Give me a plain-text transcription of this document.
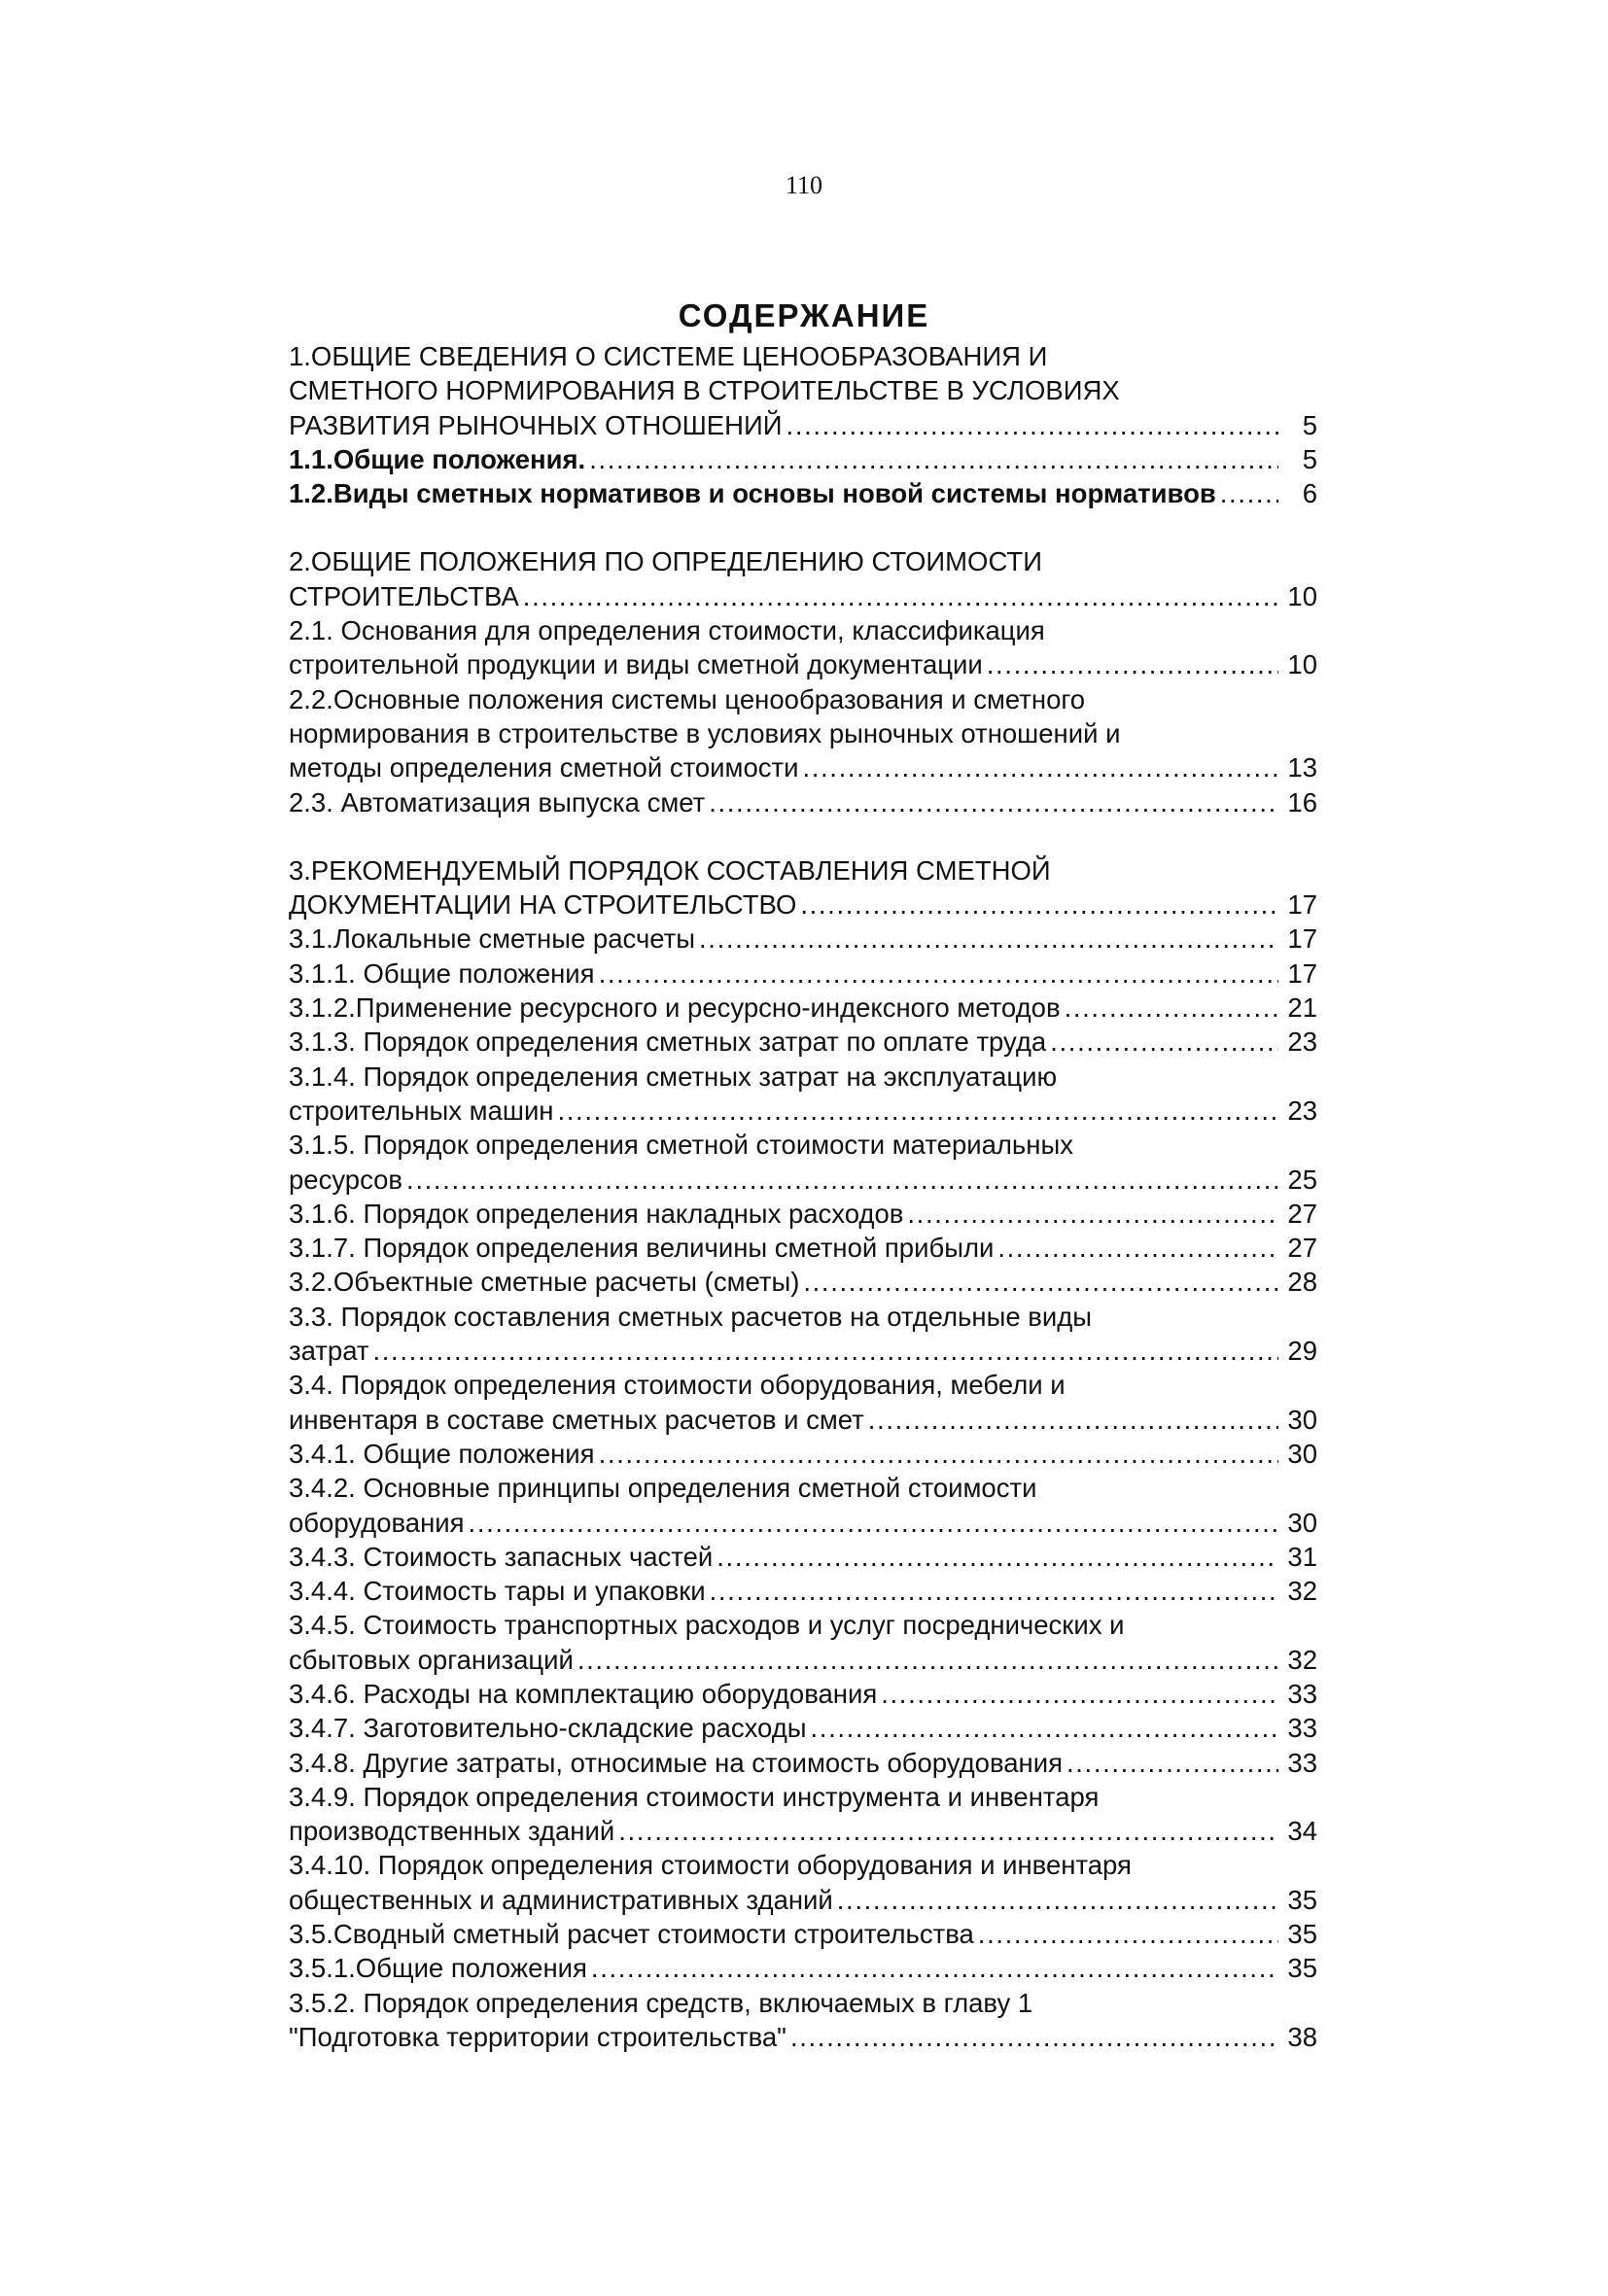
110
СОДЕРЖАНИЕ
1.ОБЩИЕ СВЕДЕНИЯ О СИСТЕМЕ ЦЕНООБРАЗОВАНИЯ И
СМЕТНОГО НОРМИРОВАНИЯ В СТРОИТЕЛЬСТВЕ В УСЛОВИЯХ
РАЗВИТИЯ РЫНОЧНЫХ ОТНОШЕНИЙ . . .	5
1.1.Общие положения. . . .	5
1.2.Виды сметных нормативов и основы новой системы нормативов . . .	6
2.ОБЩИЕ ПОЛОЖЕНИЯ ПО ОПРЕДЕЛЕНИЮ СТОИМОСТИ
СТРОИТЕЛЬСТВА . . .	10
2.1. Основания для определения стоимости, классификация
строительной продукции и виды сметной документации . . .	10
2.2.Основные положения системы ценообразования и сметного
нормирования в строительстве в условиях рыночных отношений и
методы определения сметной стоимости . . .	13
2.3. Автоматизация выпуска смет . . .	16
3.РЕКОМЕНДУЕМЫЙ ПОРЯДОК СОСТАВЛЕНИЯ СМЕТНОЙ
ДОКУМЕНТАЦИИ НА СТРОИТЕЛЬСТВО . . .	17
3.1.Локальные сметные расчеты . . .	17
3.1.1. Общие положения . . .	17
3.1.2.Применение ресурсного и ресурсно-индексного методов . . .	21
3.1.3. Порядок определения сметных затрат по оплате труда . . .	23
3.1.4. Порядок определения сметных затрат на эксплуатацию
строительных машин . . .	23
3.1.5. Порядок определения сметной стоимости материальных
ресурсов . . .	25
3.1.6. Порядок определения накладных расходов . . .	27
3.1.7. Порядок определения величины сметной прибыли . . .	27
3.2.Объектные сметные расчеты (сметы) . . .	28
3.3. Порядок составления сметных расчетов на отдельные виды
затрат . . .	29
3.4. Порядок определения стоимости оборудования, мебели и
инвентаря в составе сметных расчетов и смет . . .	30
3.4.1. Общие положения . . .	30
3.4.2. Основные принципы определения сметной стоимости
оборудования . . .	30
3.4.3. Стоимость запасных частей . . .	31
3.4.4. Стоимость тары и упаковки . . .	32
3.4.5. Стоимость транспортных расходов и услуг посреднических и
сбытовых организаций . . .	32
3.4.6. Расходы на комплектацию оборудования . . .	33
3.4.7. Заготовительно-складские расходы . . .	33
3.4.8. Другие затраты, относимые на стоимость оборудования . . .	33
3.4.9. Порядок определения стоимости инструмента и инвентаря
производственных зданий . . .	34
3.4.10. Порядок определения стоимости оборудования и инвентаря
общественных и административных зданий . . .	35
3.5.Сводный сметный расчет стоимости строительства . . .	35
3.5.1.Общие положения . . .	35
3.5.2. Порядок определения средств, включаемых в главу 1
"Подготовка территории строительства" . . .	38
